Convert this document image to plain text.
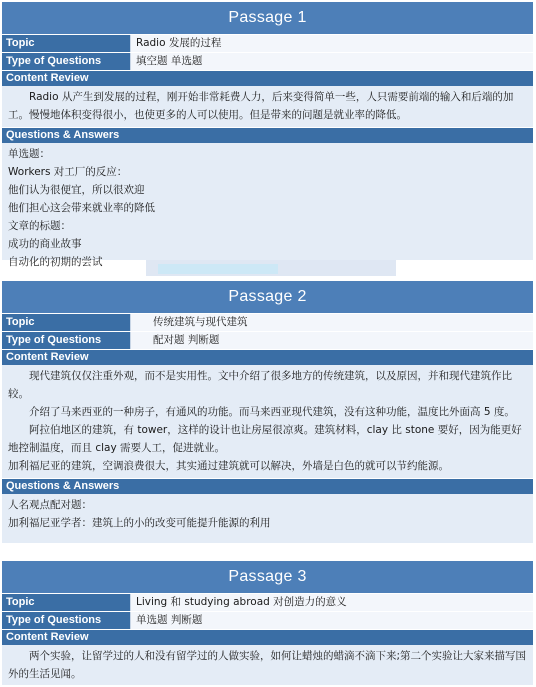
Passage 1
Topic	Radio 发展的过程
Type of Questions	填空题 单选题
Content Review

Radio 从产生到发展的过程，刚开始非常耗费人力，后来变得简单一些，人只需要前端的输入和后端的加工。慢慢地体积变得很小，也使更多的人可以使用。但是带来的问题是就业率的降低。

Questions & Answers
单选题：
Workers 对工厂的反应：
他们认为很便宜，所以很欢迎
他们担心这会带来就业率的降低
文章的标题：
成功的商业故事
自动化的初期的尝试
Passage 2
Topic	传统建筑与现代建筑
Type of Questions	配对题 判断题
Content Review

现代建筑仅仅注重外观，而不是实用性。文中介绍了很多地方的传统建筑，以及原因，并和现代建筑作比较。

介绍了马来西亚的一种房子，有通风的功能。而马来西亚现代建筑，没有这种功能，温度比外面高 5 度。

阿拉伯地区的建筑，有 tower，这样的设计也让房屋很凉爽。建筑材料，clay 比 stone 要好，因为能更好地控制温度，而且 clay 需要人工，促进就业。

加利福尼亚的建筑，空调浪费很大，其实通过建筑就可以解决，外墙是白色的就可以节约能源。

Questions & Answers
人名观点配对题：
加利福尼亚学者：建筑上的小的改变可能提升能源的利用
Passage 3
Topic	Living 和 studying abroad 对创造力的意义
Type of Questions	单选题 判断题
Content Review

两个实验，让留学过的人和没有留学过的人做实验，如何让蜡烛的蜡滴不滴下来;第二个实验让大家来描写国外的生活见闻。
